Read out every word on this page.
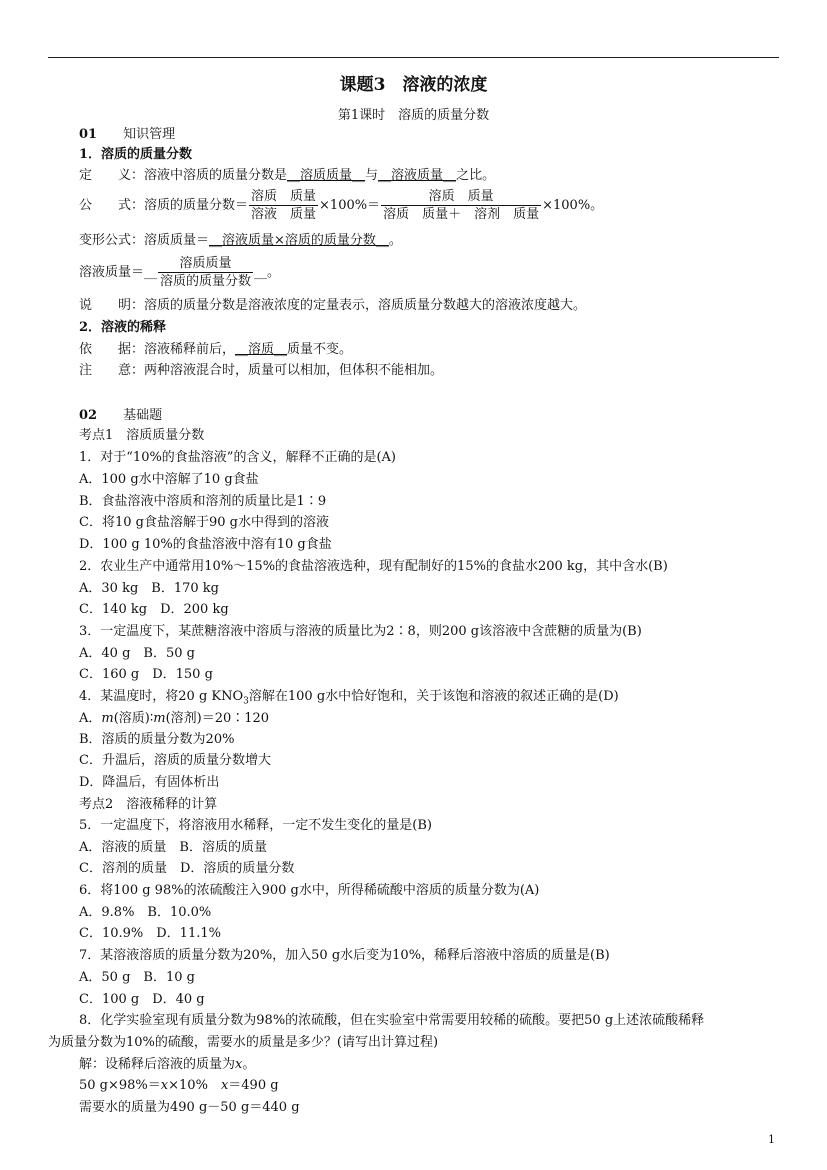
课题3　溶液的浓度
第1课时　溶质的质量分数
01　　 知识管理
1．溶质的质量分数
定　　义：溶液中溶质的质量分数是__溶质质量__与__溶液质量__之比。
公　　式：溶质的质量分数＝
溶质　质量
溶液　质量
×100%＝
溶质　质量
溶质　质量＋　溶剂　质量
×100%。
变形公式：溶质质量＝__溶液质量×溶质的质量分数__。
溶液质量＝__
溶质质量
溶质的质量分数
__。
说　　明：溶质的质量分数是溶液浓度的定量表示，溶质质量分数越大的溶液浓度越大。
2．溶液的稀释
依　　据：溶液稀释前后，__溶质__质量不变。
注　　意：两种溶液混合时，质量可以相加，但体积不能相加。
02　　 基础题
考点1　溶质质量分数
1．对于“10%的食盐溶液”的含义，解释不正确的是(A)
A．100 g水中溶解了10 g食盐
B．食盐溶液中溶质和溶剂的质量比是1∶9
C．将10 g食盐溶解于90 g水中得到的溶液
D．100 g 10%的食盐溶液中溶有10 g食盐
2．农业生产中通常用10%～15%的食盐溶液选种，现有配制好的15%的食盐水200 kg，其中含水(B)
A．30 kg　B．170 kg
C．140 kg　D．200 kg
3．一定温度下，某蔗糖溶液中溶质与溶液的质量比为2∶8，则200 g该溶液中含蔗糖的质量为(B)
A．40 g　B．50 g
C．160 g　D．150 g
4．某温度时，将20 g $KNO_3$溶解在100 g水中恰好饱和，关于该饱和溶液的叙述正确的是(D)
A．m(溶质)∶m(溶剂)＝20∶120
B．溶质的质量分数为20%
C．升温后，溶质的质量分数增大
D．降温后，有固体析出
考点2　溶液稀释的计算
5．一定温度下，将溶液用水稀释，一定不发生变化的量是(B)
A．溶液的质量　B．溶质的质量
C．溶剂的质量　D．溶质的质量分数
6．将100 g 98%的浓硫酸注入900 g水中，所得稀硫酸中溶质的质量分数为(A)
A．9.8%　B．10.0%
C．10.9%　D．11.1%
7．某溶液溶质的质量分数为20%，加入50 g水后变为10%，稀释后溶液中溶质的质量是(B)
A．50 g　B．10 g
C．100 g　D．40 g
8．化学实验室现有质量分数为98%的浓硫酸，但在实验室中常需要用较稀的硫酸。要把50 g上述浓硫酸稀释
为质量分数为10%的硫酸，需要水的质量是多少？(请写出计算过程)
解：设稀释后溶液的质量为x。
50 g×98%＝x×10%　x＝490 g
需要水的质量为490 g－50 g＝440 g
1
